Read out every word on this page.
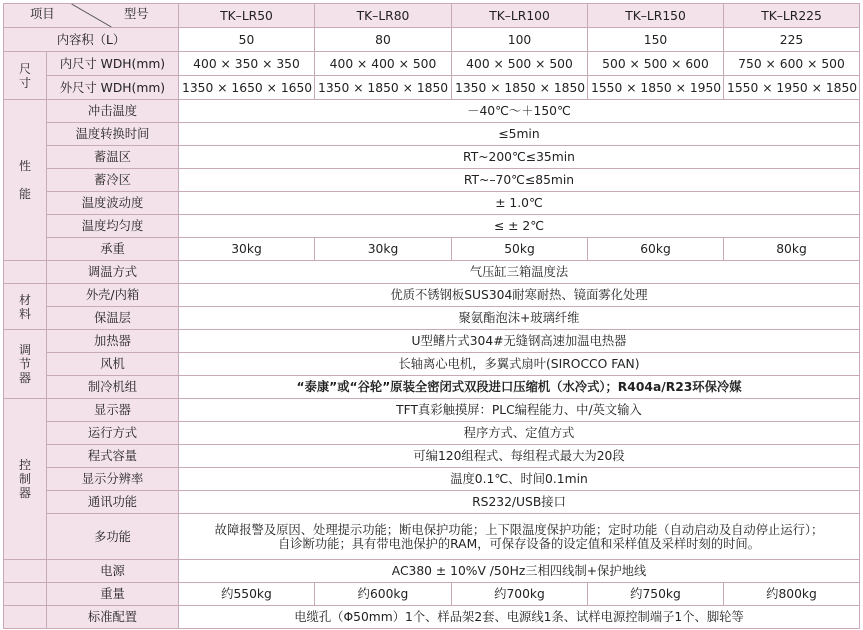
项目 型号		TK–LR50	TK–LR80	TK–LR100	TK–LR150	TK–LR225
内容积（L）		50	80	100	150	225
尺
寸	内尺寸 WDH(mm)	400 × 350 × 350	400 × 400 × 500	400 × 500 × 500	500 × 500 × 600	750 × 600 × 500
	外尺寸 WDH(mm)	1350 × 1650 × 1650	1350 × 1850 × 1850	1350 × 1850 × 1850	1550 × 1850 × 1950	1550 × 1950 × 1850
性

能	冲击温度	－40℃～＋150℃				
	温度转换时间	≤5min				
	蓄温区	RT~200℃≤35min				
	蓄冷区	RT~–70℃≤85min				
	温度波动度	± 1.0℃				
	温度均匀度	≤ ± 2℃				
	承重	30kg	30kg	50kg	60kg	80kg
	调温方式	气压缸三箱温度法				
材
料	外壳/内箱	优质不锈钢板SUS304耐寒耐热、镜面雾化处理				
	保温层	聚氨酯泡沫+玻璃纤维				
调
节
器	加热器	U型鳍片式304#无缝钢高速加温电热器				
	风机	长轴离心电机，多翼式扇叶(SIROCCO FAN)				
	制冷机组	“泰康”或“谷轮”原装全密闭式双段进口压缩机（水冷式）；R404a/R23环保冷媒				
控
制
器	显示器	TFT真彩触摸屏：PLC编程能力、中/英文输入				
	运行方式	程序方式、定值方式				
	程式容量	可编120组程式、每组程式最大为20段				
	显示分辨率	温度0.1℃、时间0.1min				
	通讯功能	RS232/USB接口				
	多功能	故障报警及原因、处理提示功能；断电保护功能；上下限温度保护功能；定时功能（自动启动及自动停止运行）；
自诊断功能；具有带电池保护的RAM，可保存设备的设定值和采样值及采样时刻的时间。				
	电源	AC380 ± 10%V /50Hz三相四线制+保护地线				
	重量	约550kg	约600kg	约700kg	约750kg	约800kg
	标准配置	电缆孔（Φ50mm）1个、样品架2套、电源线1条、试样电源控制端子1个、脚轮等				
